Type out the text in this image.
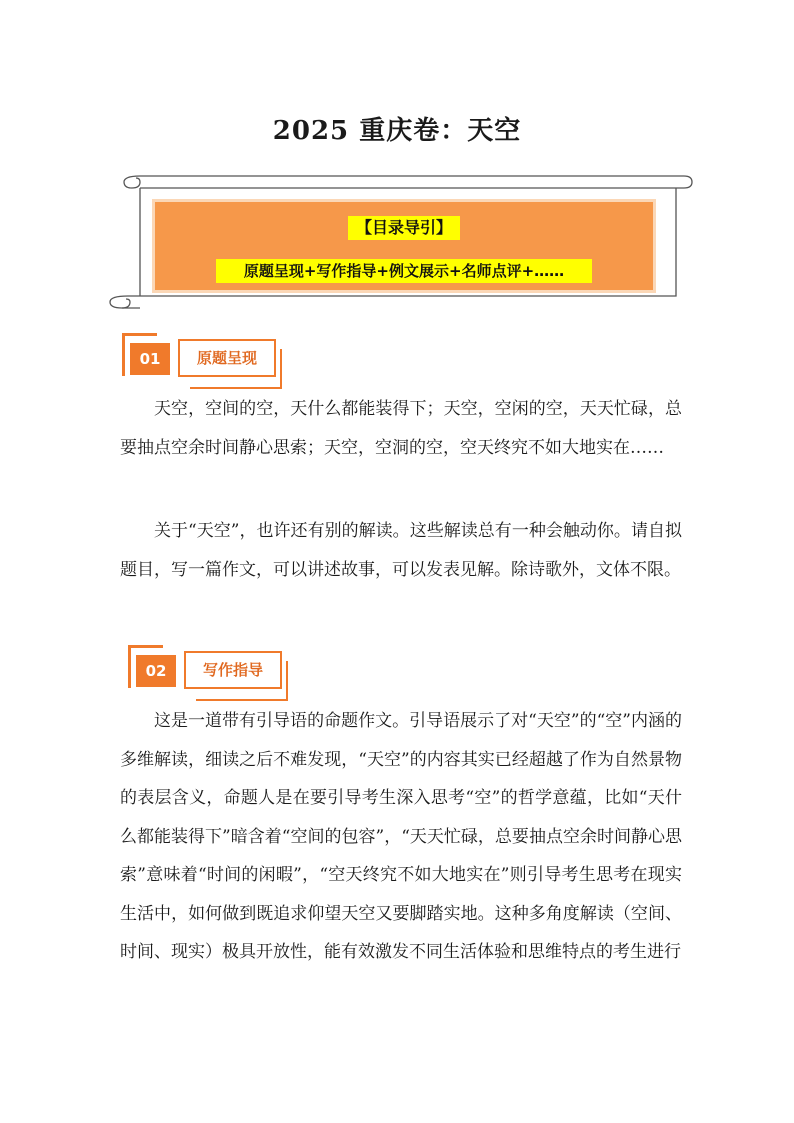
2025 重庆卷：天空
【目录导引】
原题呈现+写作指导+例文展示+名师点评+……
01	原题呈现

天空，空间的空，天什么都能装得下；天空，空闲的空，天天忙碌，总要抽点空余时间静心思索；天空，空洞的空，空天终究不如大地实在……

关于“天空”，也许还有别的解读。这些解读总有一种会触动你。请自拟题目，写一篇作文，可以讲述故事，可以发表见解。除诗歌外，文体不限。

02	写作指导

这是一道带有引导语的命题作文。引导语展示了对“天空”的“空”内涵的多维解读，细读之后不难发现，“天空”的内容其实已经超越了作为自然景物的表层含义，命题人是在要引导考生深入思考“空”的哲学意蕴，比如“天什么都能装得下”暗含着“空间的包容”，“天天忙碌，总要抽点空余时间静心思索”意味着“时间的闲暇”，“空天终究不如大地实在”则引导考生思考在现实生活中，如何做到既追求仰望天空又要脚踏实地。这种多角度解读（空间、时间、现实）极具开放性，能有效激发不同生活体验和思维特点的考生进行
